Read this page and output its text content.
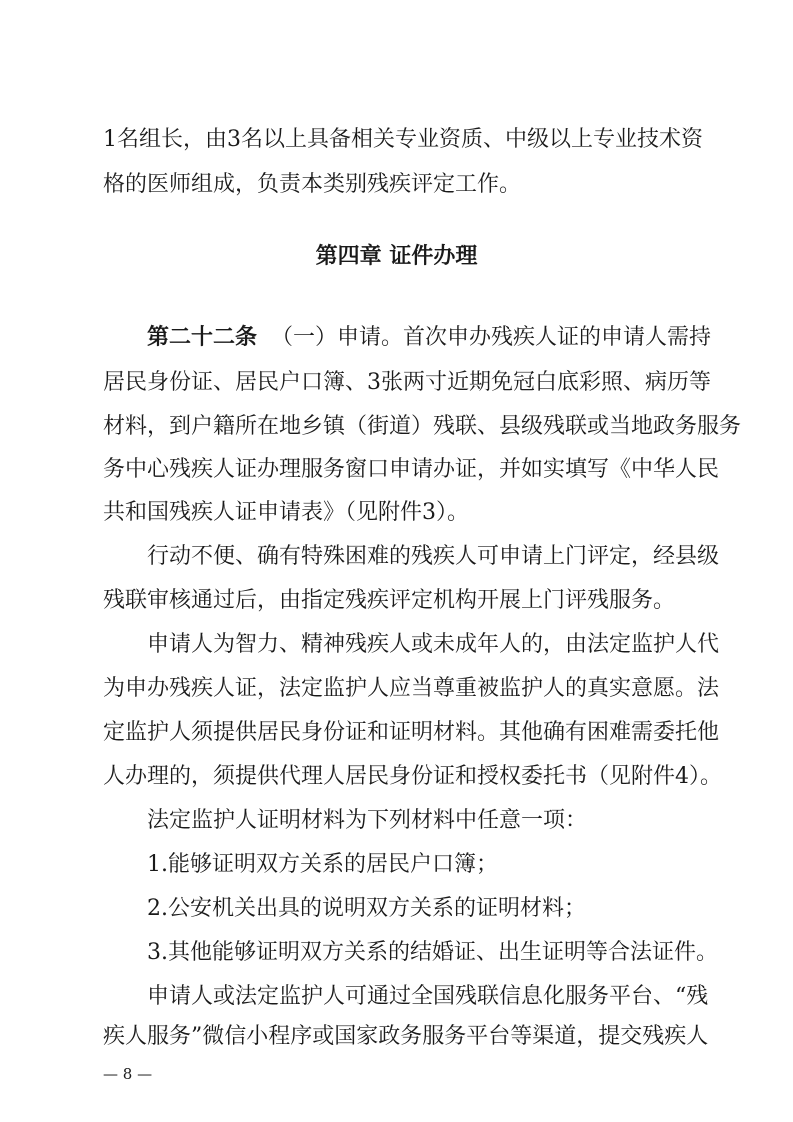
1名组长，由3名以上具备相关专业资质、中级以上专业技术资
格的医师组成，负责本类别残疾评定工作。
第四章 证件办理
第二十二条 （一）申请。首次申办残疾人证的申请人需持
居民身份证、居民户口簿、3张两寸近期免冠白底彩照、病历等
材料，到户籍所在地乡镇（街道）残联、县级残联或当地政务服务
务中心残疾人证办理服务窗口申请办证，并如实填写《中华人民
共和国残疾人证申请表》（见附件3）。
行动不便、确有特殊困难的残疾人可申请上门评定，经县级
残联审核通过后，由指定残疾评定机构开展上门评残服务。
申请人为智力、精神残疾人或未成年人的，由法定监护人代
为申办残疾人证，法定监护人应当尊重被监护人的真实意愿。法
定监护人须提供居民身份证和证明材料。其他确有困难需委托他
人办理的，须提供代理人居民身份证和授权委托书（见附件4）。
法定监护人证明材料为下列材料中任意一项：
1.能够证明双方关系的居民户口簿；
2.公安机关出具的说明双方关系的证明材料；
3.其他能够证明双方关系的结婚证、出生证明等合法证件。
申请人或法定监护人可通过全国残联信息化服务平台、“残
疾人服务”微信小程序或国家政务服务平台等渠道，提交残疾人
— 8 —
